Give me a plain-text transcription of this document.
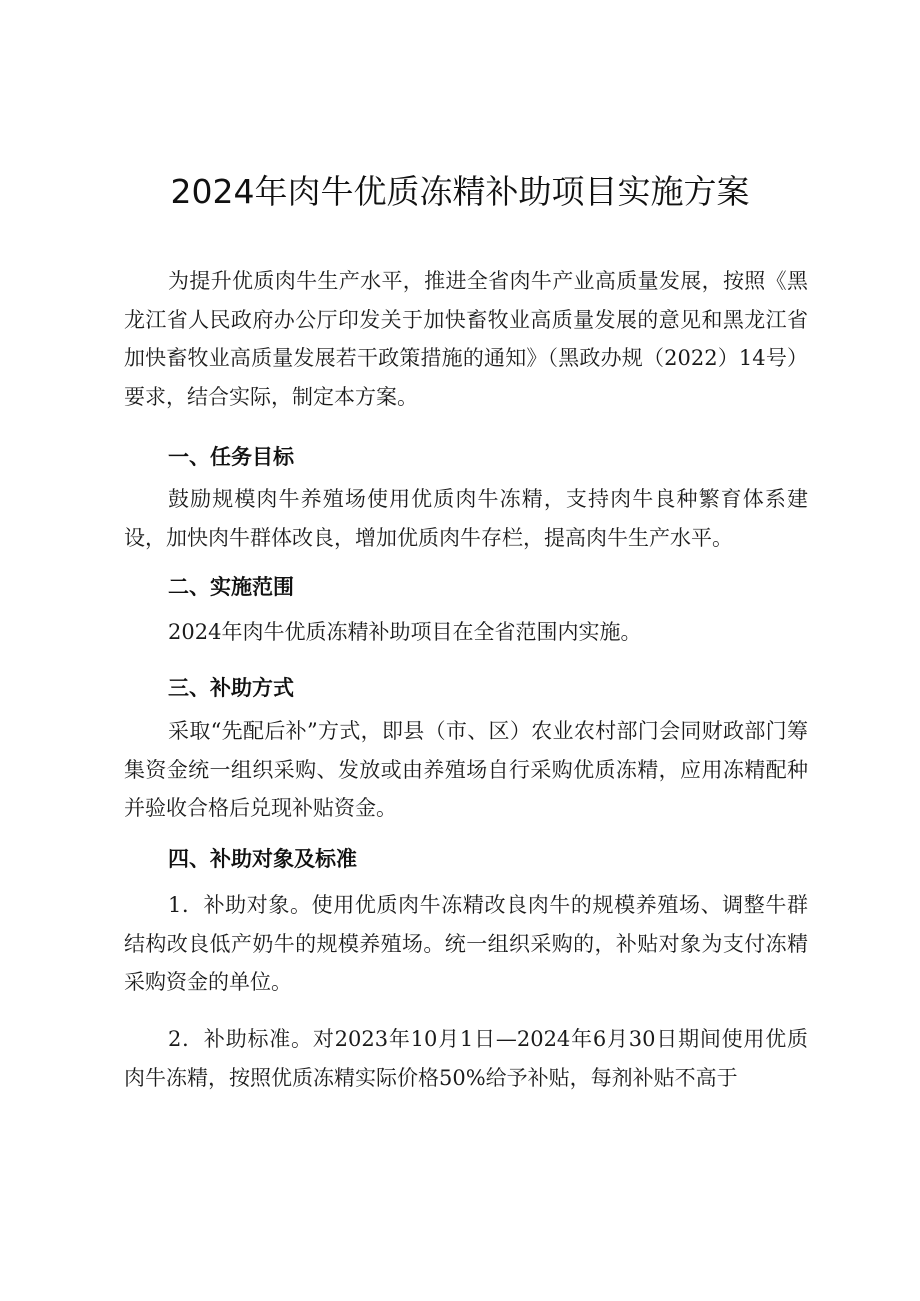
2024年肉牛优质冻精补助项目实施方案

为提升优质肉牛生产水平，推进全省肉牛产业高质量发展，按照《黑龙江省人民政府办公厅印发关于加快畜牧业高质量发展的意见和黑龙江省加快畜牧业高质量发展若干政策措施的通知》（黑政办规（2022）14号）要求，结合实际，制定本方案。

一、任务目标

鼓励规模肉牛养殖场使用优质肉牛冻精，支持肉牛良种繁育体系建设，加快肉牛群体改良，增加优质肉牛存栏，提高肉牛生产水平。

二、实施范围

2024年肉牛优质冻精补助项目在全省范围内实施。

三、补助方式

采取“先配后补”方式，即县（市、区）农业农村部门会同财政部门筹集资金统一组织采购、发放或由养殖场自行采购优质冻精，应用冻精配种并验收合格后兑现补贴资金。

四、补助对象及标准

1．补助对象。使用优质肉牛冻精改良肉牛的规模养殖场、调整牛群结构改良低产奶牛的规模养殖场。统一组织采购的，补贴对象为支付冻精采购资金的单位。

2．补助标准。对2023年10月1日—2024年6月30日期间使用优质肉牛冻精，按照优质冻精实际价格50%给予补贴，每剂补贴不高于
